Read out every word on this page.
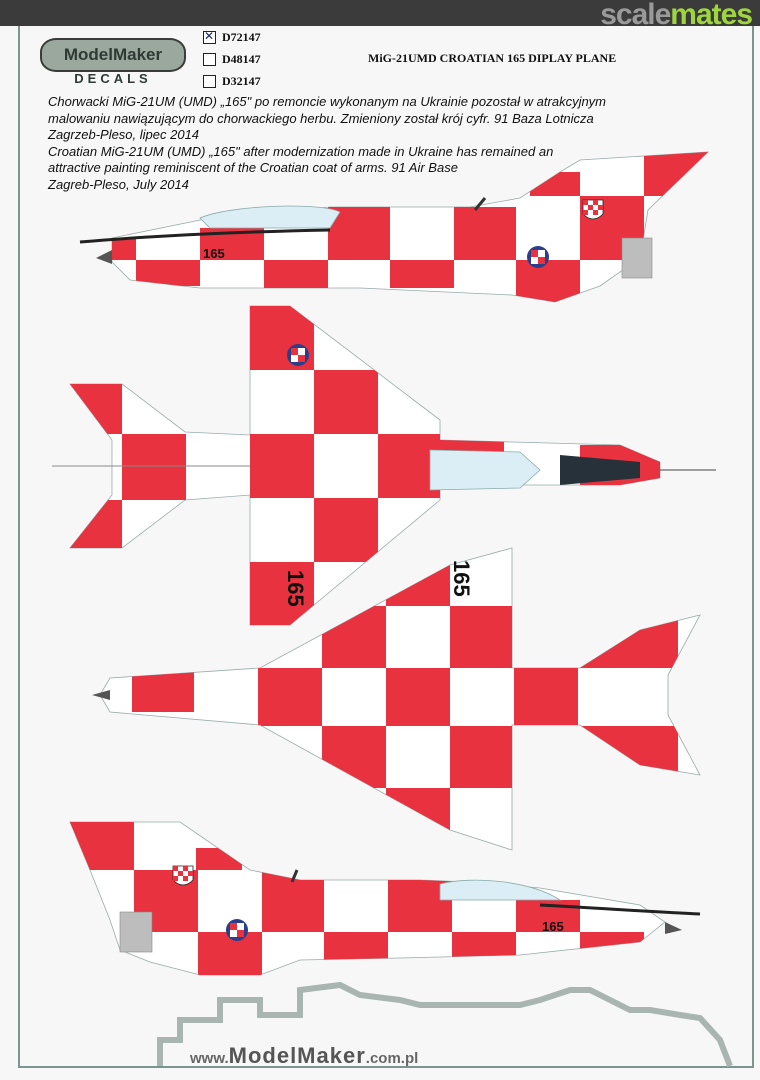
scalemates
ModelMaker
DECALS
✕
D72147
D48147
D32147
MiG-21UMD CROATIAN 165 DIPLAY PLANE

Chorwacki MiG-21UM (UMD) „165" po remoncie wykonanym na Ukrainie pozostał w atrakcyjnym

malowaniu nawiązującym do chorwackiego herbu. Zmieniony został krój cyfr. 91 Baza Lotnicza

Zagrzeb-Pleso, lipec 2014

Croatian MiG-21UM (UMD) „165" after modernization made in Ukraine has remained an

attractive painting reminiscent of the Croatian coat of arms. 91 Air Base

Zagreb-Pleso, July 2014

165
165	165
165
www.ModelMaker.com.pl
